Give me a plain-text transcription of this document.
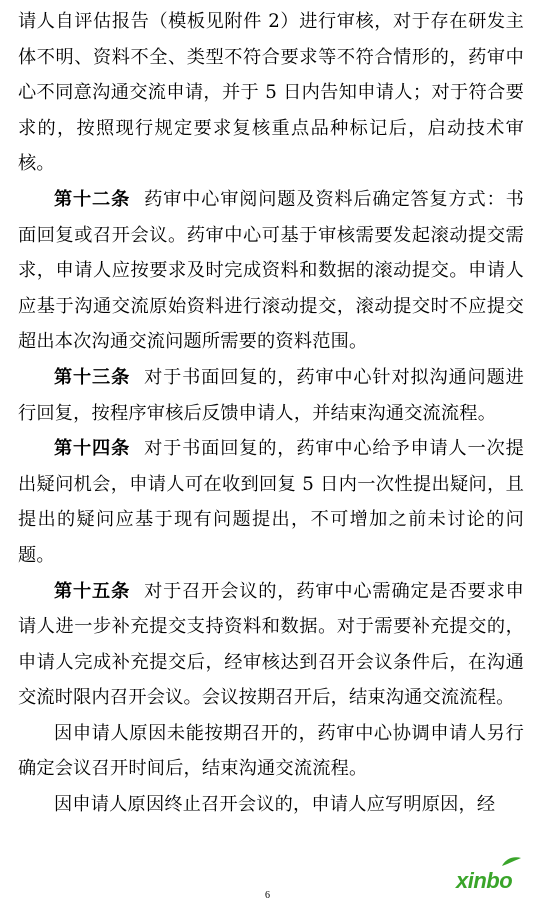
请人自评估报告（模板见附件 2）进行审核，对于存在研发主体不明、资料不全、类型不符合要求等不符合情形的，药审中心不同意沟通交流申请，并于 5 日内告知申请人；对于符合要求的，按照现行规定要求复核重点品种标记后，启动技术审核。

第十二条 药审中心审阅问题及资料后确定答复方式：书面回复或召开会议。药审中心可基于审核需要发起滚动提交需求，申请人应按要求及时完成资料和数据的滚动提交。申请人应基于沟通交流原始资料进行滚动提交，滚动提交时不应提交超出本次沟通交流问题所需要的资料范围。

第十三条 对于书面回复的，药审中心针对拟沟通问题进行回复，按程序审核后反馈申请人，并结束沟通交流流程。

第十四条 对于书面回复的，药审中心给予申请人一次提出疑问机会，申请人可在收到回复 5 日内一次性提出疑问，且提出的疑问应基于现有问题提出，不可增加之前未讨论的问题。

第十五条 对于召开会议的，药审中心需确定是否要求申请人进一步补充提交支持资料和数据。对于需要补充提交的，申请人完成补充提交后，经审核达到召开会议条件后，在沟通交流时限内召开会议。会议按期召开后，结束沟通交流流程。

因申请人原因未能按期召开的，药审中心协调申请人另行确定会议召开时间后，结束沟通交流流程。

因申请人原因终止召开会议的，申请人应写明原因，经

xinbo
6
